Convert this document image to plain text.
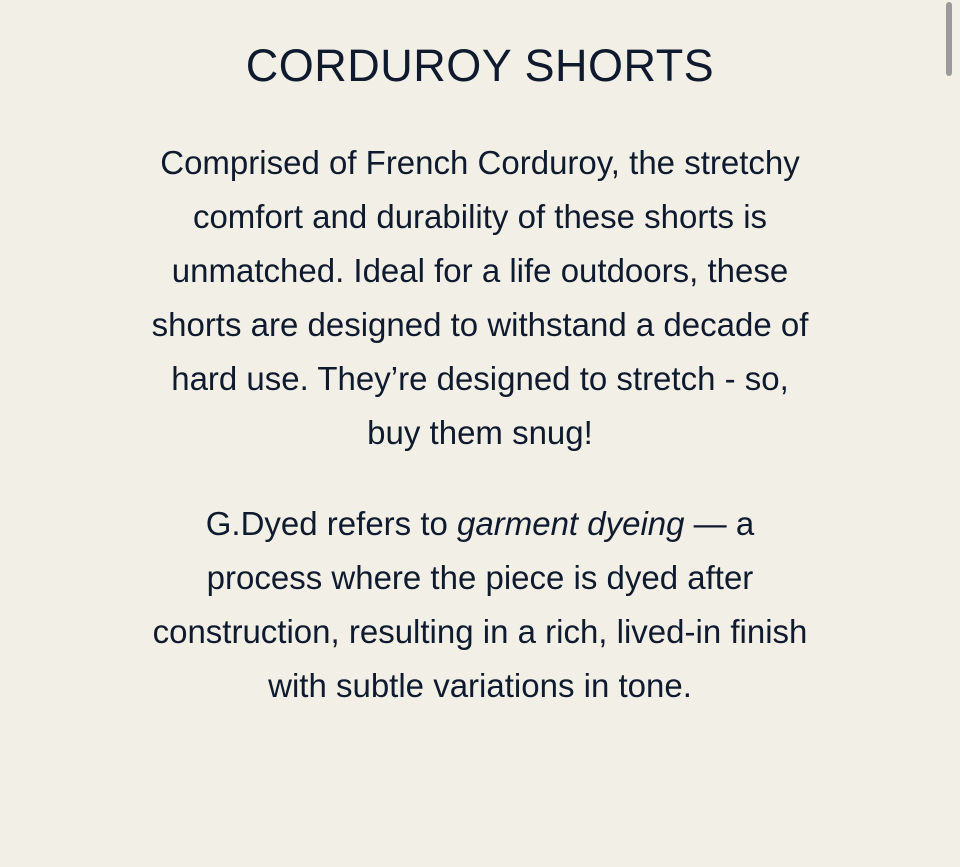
CORDUROY SHORTS

Comprised of French Corduroy, the stretchy
comfort and durability of these shorts is
unmatched. Ideal for a life outdoors, these
shorts are designed to withstand a decade of
hard use. They’re designed to stretch - so,
buy them snug!

G.Dyed refers to garment dyeing — a
process where the piece is dyed after
construction, resulting in a rich, lived-in finish
with subtle variations in tone.
